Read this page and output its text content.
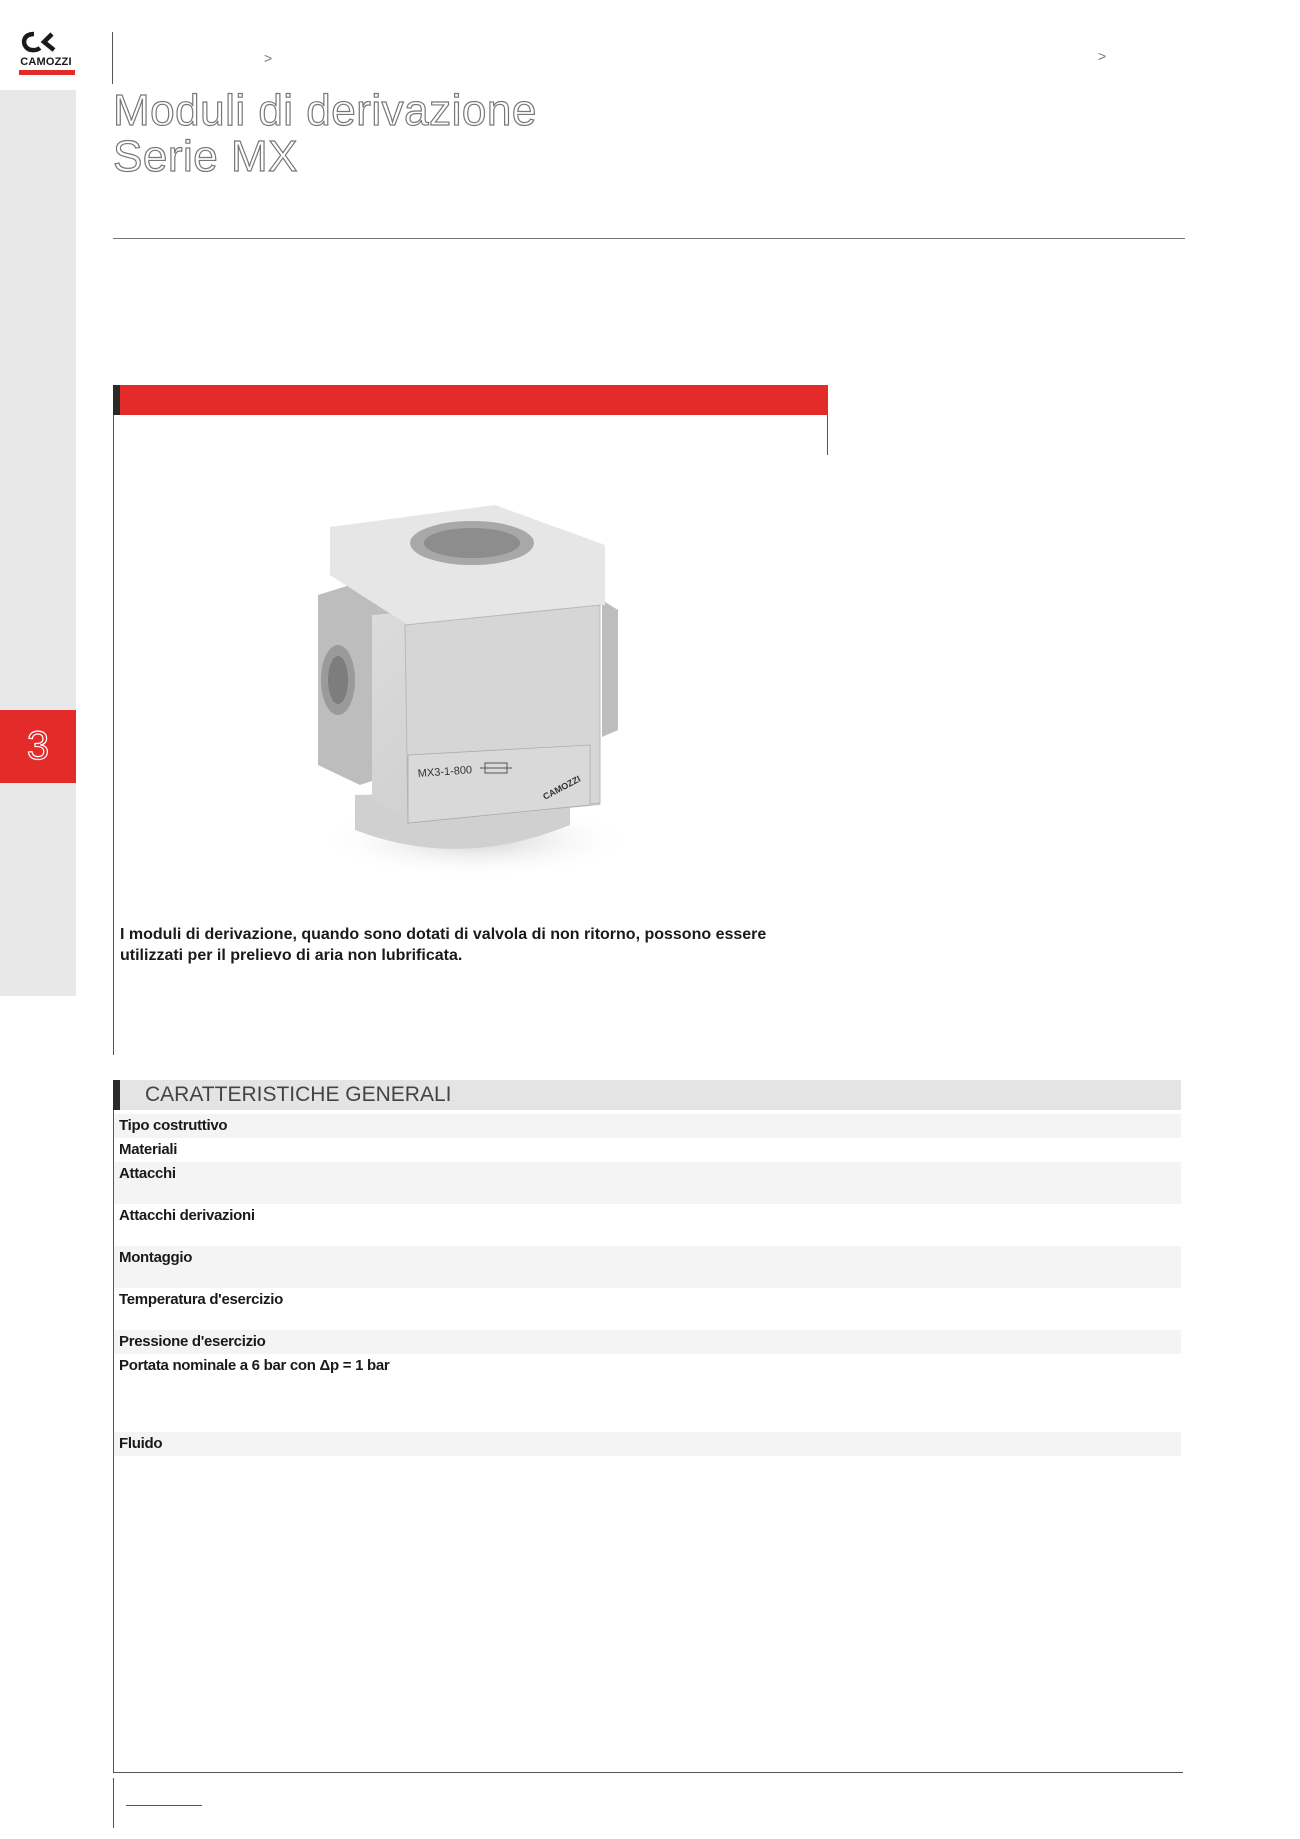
CAMOZZI	>	>
Moduli di derivazione
Serie MX
3
MX3-1-800
CAMOZZI
I moduli di derivazione, quando sono dotati di valvola di non ritorno, possono essere utilizzati per il prelievo di aria non lubrificata.
CARATTERISTICHE GENERALI
Tipo costruttivo
Materiali
Attacchi
Attacchi derivazioni
Montaggio
Temperatura d'esercizio
Pressione d'esercizio
Portata nominale a 6 bar con Δp = 1 bar
Fluido
